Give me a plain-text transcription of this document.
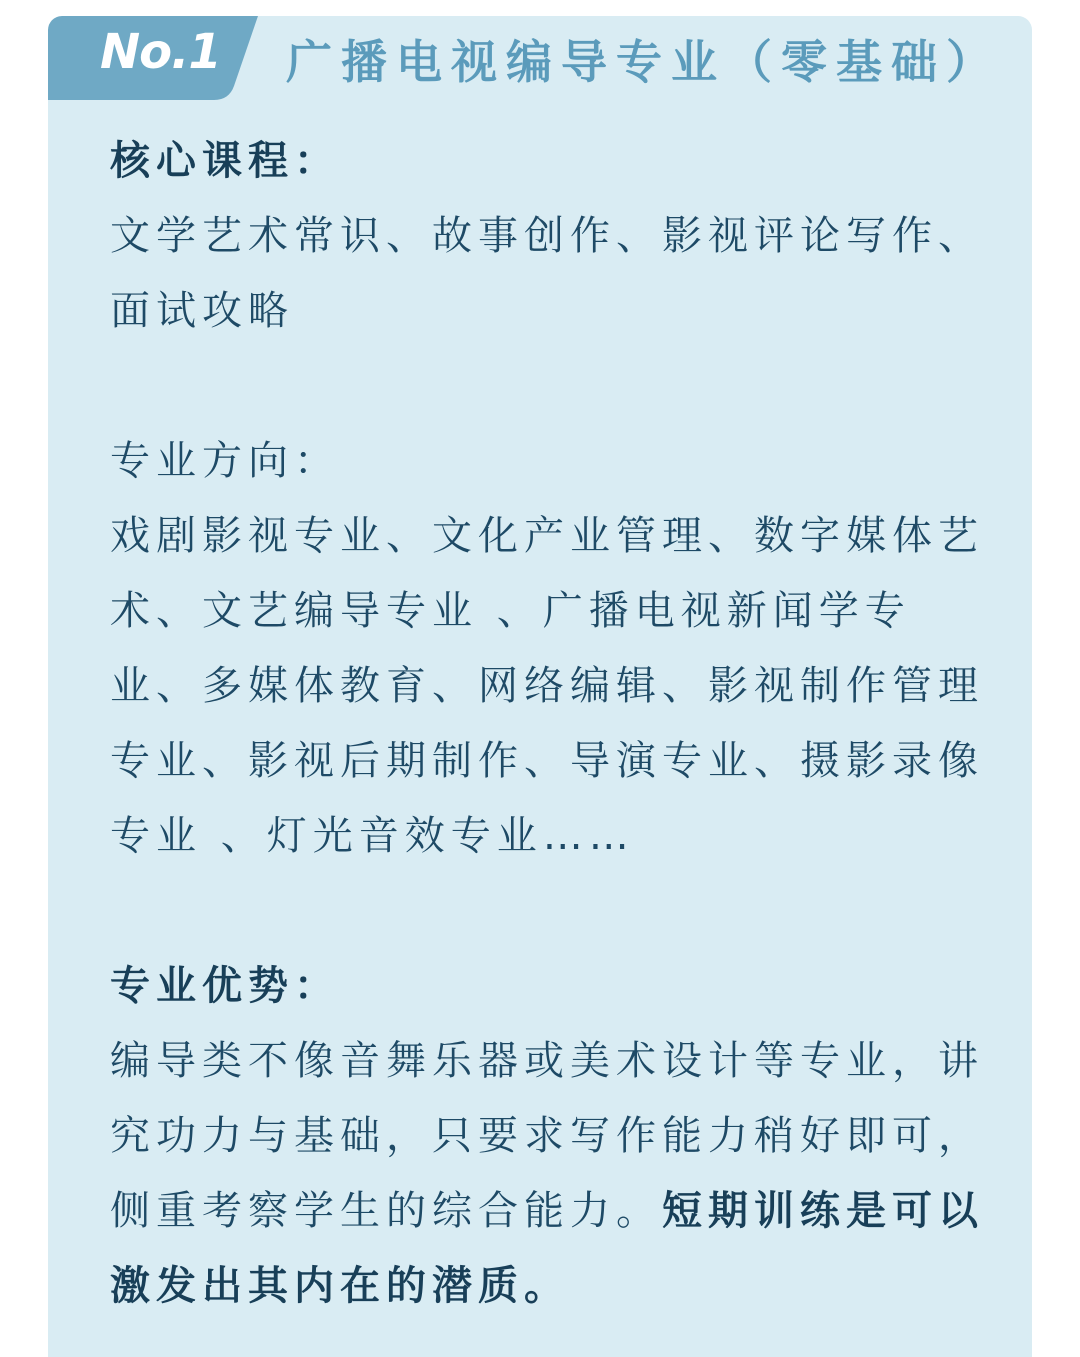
No.1 广播电视编导专业（零基础）
核心课程：

文学艺术常识、故事创作、影视评论写作、面试攻略

专业方向：

戏剧影视专业、文化产业管理、数字媒体艺术、文艺编导专业 、广播电视新闻学专业、多媒体教育、网络编辑、影视制作管理专业、影视后期制作、导演专业、摄影录像专业 、灯光音效专业……

专业优势：

编导类不像音舞乐器或美术设计等专业，讲究功力与基础，只要求写作能力稍好即可，侧重考察学生的综合能力。短期训练是可以激发出其内在的潜质。
